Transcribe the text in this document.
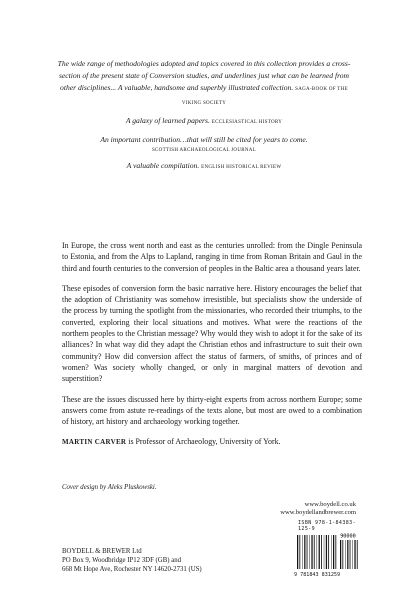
The wide range of methodologies adopted and topics covered in this collection provides a cross-section of the present state of Conversion studies, and underlines just what can be learned from other disciplines... A valuable, handsome and superbly illustrated collection. SAGA-BOOK OF THE VIKING SOCIETY

A galaxy of learned papers. ECCLESIASTICAL HISTORY

An important contribution…that will still be cited for years to come.
SCOTTISH ARCHAEOLOGICAL JOURNAL

A valuable compilation. ENGLISH HISTORICAL REVIEW

In Europe, the cross went north and east as the centuries unrolled: from the Dingle Peninsula to Estonia, and from the Alps to Lapland, ranging in time from Roman Britain and Gaul in the third and fourth centuries to the conversion of peoples in the Baltic area a thousand years later.

These episodes of conversion form the basic narrative here. History encourages the belief that the adoption of Christianity was somehow irresistible, but specialists show the underside of the process by turning the spotlight from the missionaries, who recorded their triumphs, to the converted, exploring their local situations and motives. What were the reactions of the northern peoples to the Christian message? Why would they wish to adopt it for the sake of its alliances? In what way did they adapt the Christian ethos and infrastructure to suit their own community? How did conversion affect the status of farmers, of smiths, of princes and of women? Was society wholly changed, or only in marginal matters of devotion and superstition?

These are the issues discussed here by thirty-eight experts from across northern Europe; some answers come from astute re-readings of the texts alone, but most are owed to a combination of history, art history and archaeology working together.

MARTIN CARVER is Professor of Archaeology, University of York.

Cover design by Aleks Pluskowski.
www.boydell.co.uk
www.boydellandbrewer.com
ISBN 978-1-84383-125-9
90000
9 781843 831259
BOYDELL & BREWER Ltd
PO Box 9, Woodbridge IP12 3DF (GB) and
668 Mt Hope Ave, Rochester NY 14620-2731 (US)
